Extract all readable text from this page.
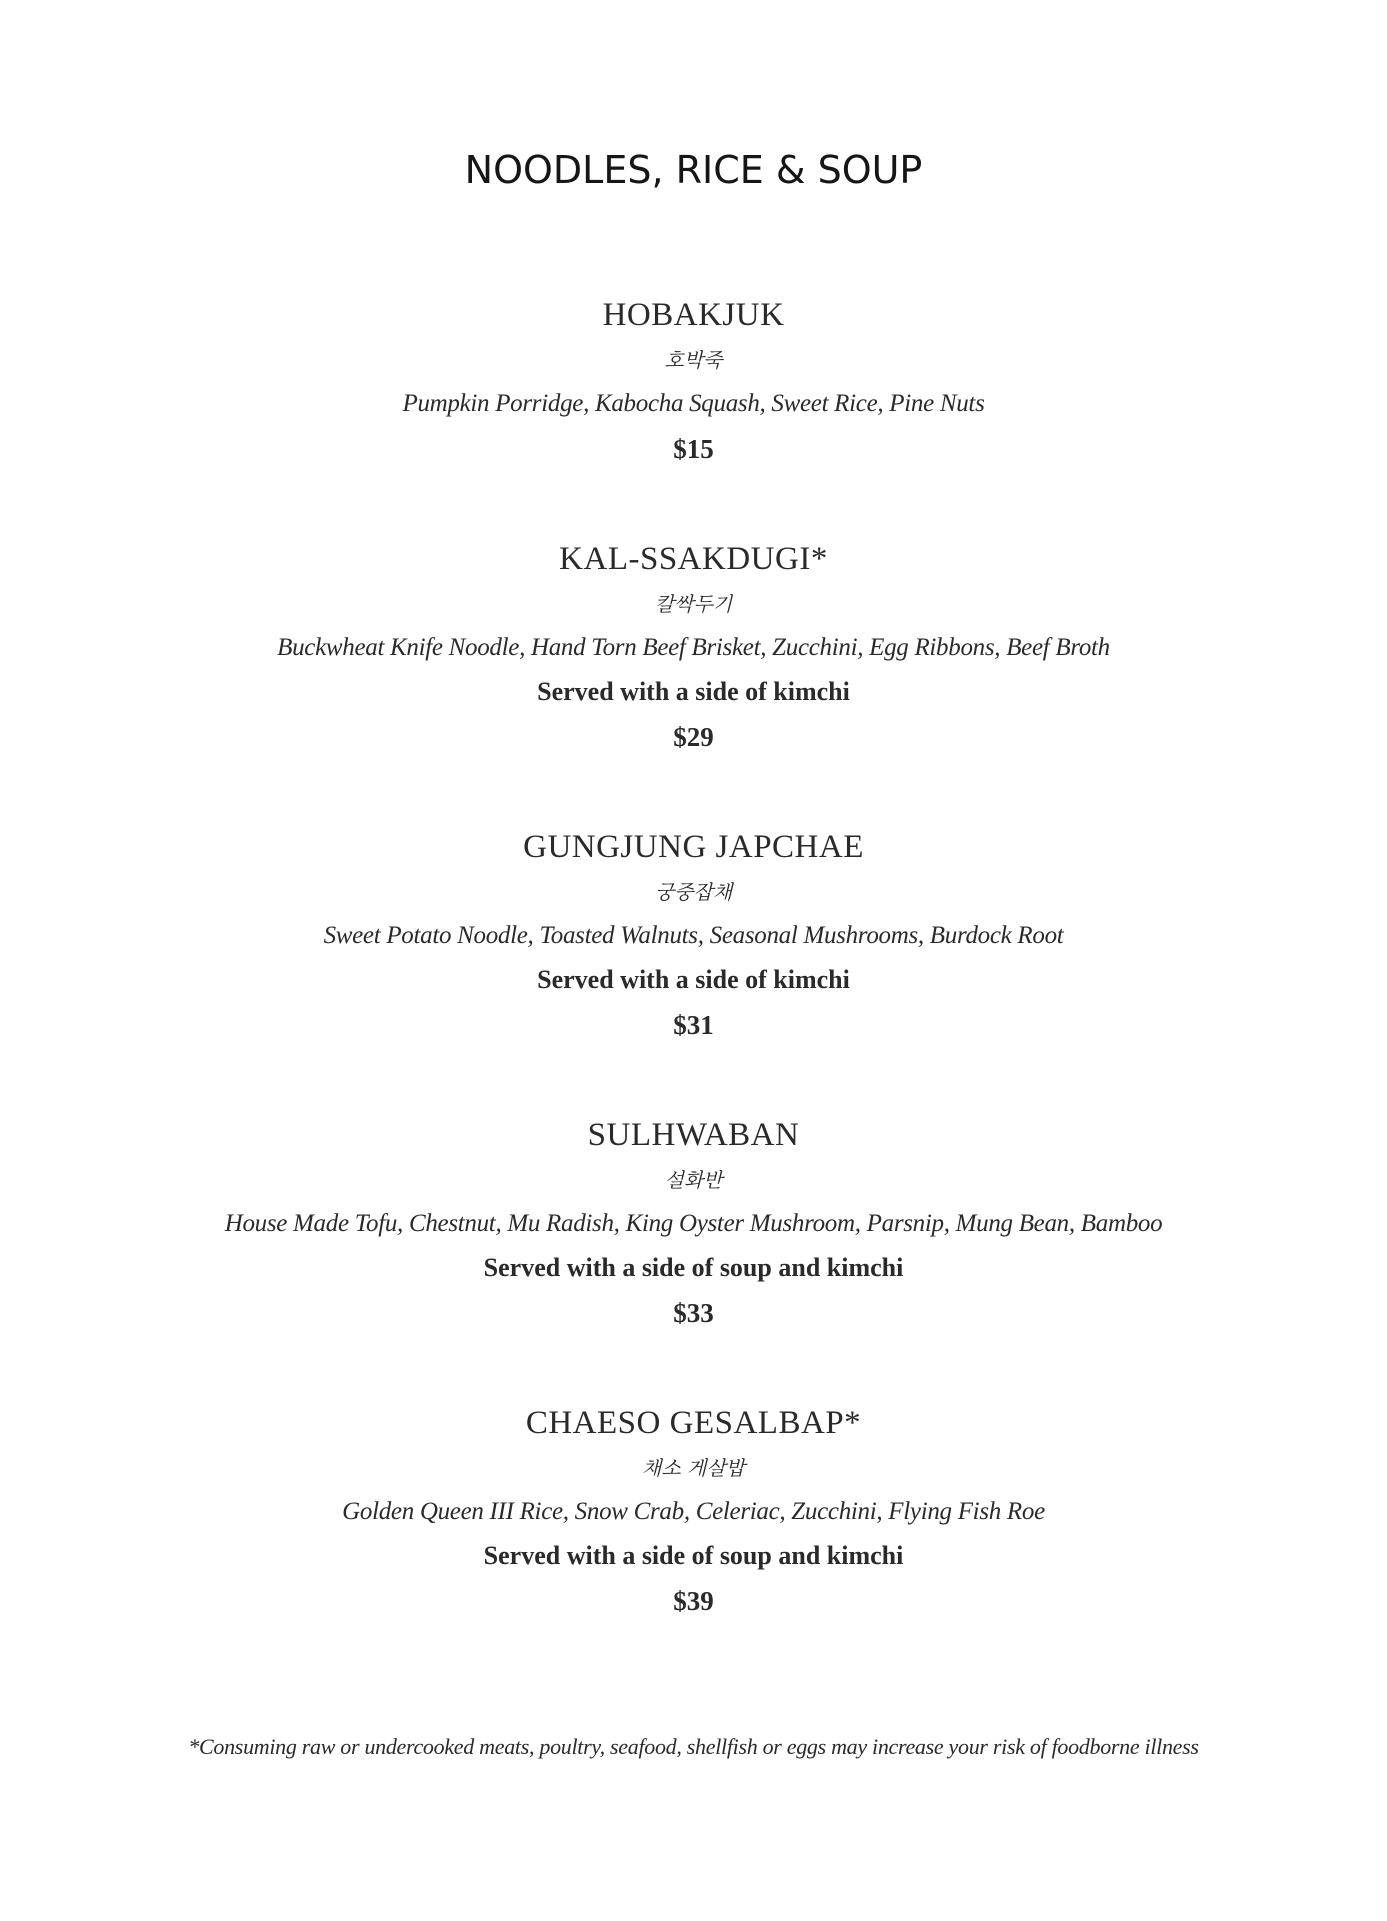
NOODLES, RICE & SOUP
HOBAKJUK
호박죽
Pumpkin Porridge, Kabocha Squash, Sweet Rice, Pine Nuts
$15
KAL-SSAKDUGI*
칼싹두기
Buckwheat Knife Noodle, Hand Torn Beef Brisket, Zucchini, Egg Ribbons, Beef Broth
Served with a side of kimchi
$29
GUNGJUNG JAPCHAE
궁중잡채
Sweet Potato Noodle, Toasted Walnuts, Seasonal Mushrooms, Burdock Root
Served with a side of kimchi
$31
SULHWABAN
설화반
House Made Tofu, Chestnut, Mu Radish, King Oyster Mushroom, Parsnip, Mung Bean, Bamboo
Served with a side of soup and kimchi
$33
CHAESO GESALBAP*
채소 게살밥
Golden Queen III Rice, Snow Crab, Celeriac, Zucchini, Flying Fish Roe
Served with a side of soup and kimchi
$39
*Consuming raw or undercooked meats, poultry, seafood, shellfish or eggs may increase your risk of foodborne illness
